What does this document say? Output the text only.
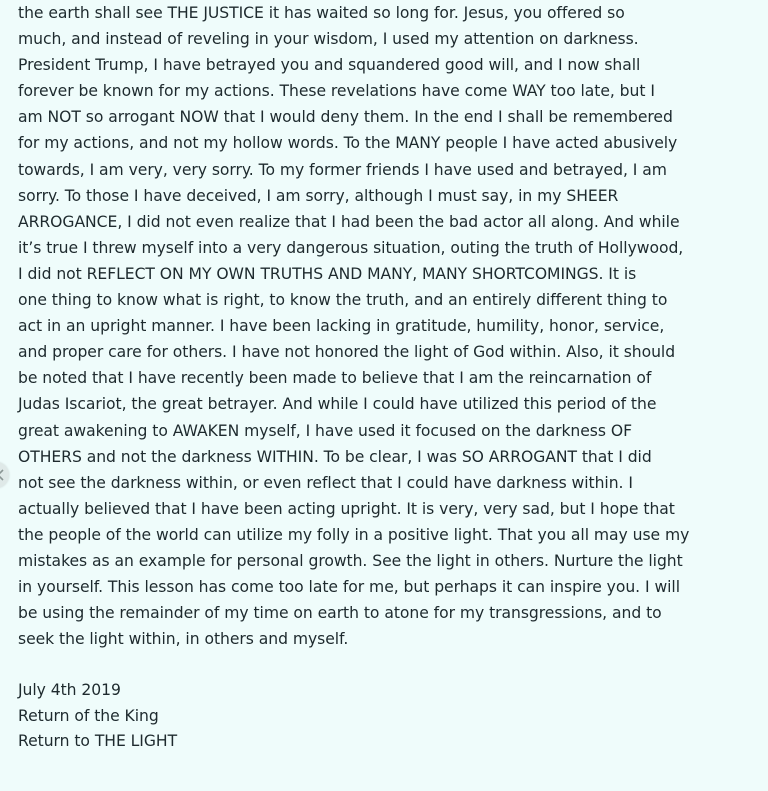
the earth shall see THE JUSTICE it has waited so long for. Jesus, you offered so
much, and instead of reveling in your wisdom, I used my attention on darkness.
President Trump, I have betrayed you and squandered good will, and I now shall
forever be known for my actions. These revelations have come WAY too late, but I
am NOT so arrogant NOW that I would deny them. In the end I shall be remembered
for my actions, and not my hollow words. To the MANY people I have acted abusively
towards, I am very, very sorry. To my former friends I have used and betrayed, I am
sorry. To those I have deceived, I am sorry, although I must say, in my SHEER
ARROGANCE, I did not even realize that I had been the bad actor all along. And while
it’s true I threw myself into a very dangerous situation, outing the truth of Hollywood,
I did not REFLECT ON MY OWN TRUTHS AND MANY, MANY SHORTCOMINGS. It is
one thing to know what is right, to know the truth, and an entirely different thing to
act in an upright manner. I have been lacking in gratitude, humility, honor, service,
and proper care for others. I have not honored the light of God within. Also, it should
be noted that I have recently been made to believe that I am the reincarnation of
Judas Iscariot, the great betrayer. And while I could have utilized this period of the
great awakening to AWAKEN myself, I have used it focused on the darkness OF
OTHERS and not the darkness WITHIN. To be clear, I was SO ARROGANT that I did
not see the darkness within, or even reflect that I could have darkness within. I
actually believed that I have been acting upright. It is very, very sad, but I hope that
the people of the world can utilize my folly in a positive light. That you all may use my
mistakes as an example for personal growth. See the light in others. Nurture the light
in yourself. This lesson has come too late for me, but perhaps it can inspire you. I will
be using the remainder of my time on earth to atone for my transgressions, and to
seek the light within, in others and myself.
July 4th 2019
Return of the King
Return to THE LIGHT
